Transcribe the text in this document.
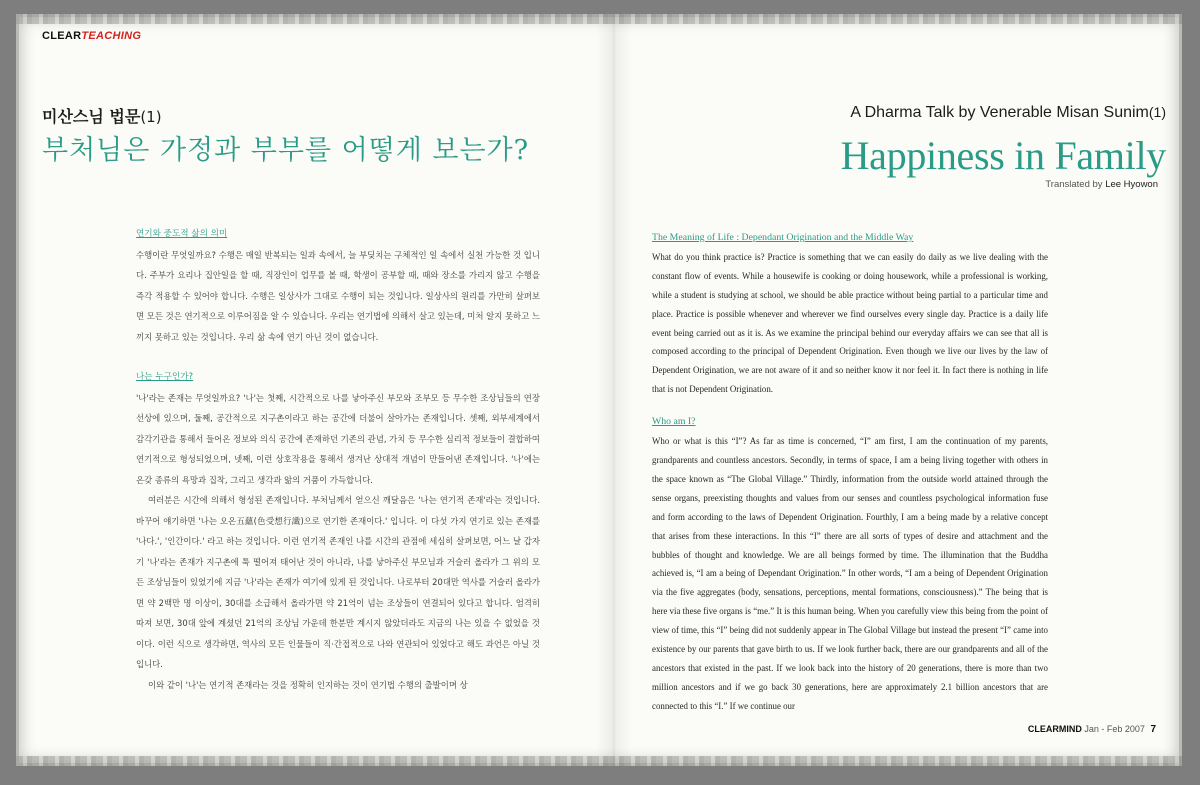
CLEARTEACHING
미산스님 법문(1)
부처님은 가정과 부부를 어떻게 보는가?
A Dharma Talk by Venerable Misan Sunim(1)
Happiness in Family
Translated by Lee Hyowon
연기와 중도적 삶의 의미

수행이란 무엇일까요? 수행은 매일 반복되는 일과 속에서, 늘 부딪치는 구체적인 일 속에서 실천 가능한 것 입니다. 주부가 요리나 집안일을 할 때, 직장인이 업무를 볼 때, 학생이 공부할 때, 때와 장소를 가리지 않고 수행을 즉각 적용할 수 있어야 합니다. 수행은 일상사가 그대로 수행이 되는 것입니다. 일상사의 원리를 가만히 살펴보면 모든 것은 연기적으로 이루어짐을 알 수 있습니다. 우리는 연기법에 의해서 살고 있는데, 미처 알지 못하고 느끼지 못하고 있는 것입니다. 우리 삶 속에 연기 아닌 것이 없습니다.

나는 누구인가?

'나'라는 존재는 무엇일까요? '나'는 첫째, 시간적으로 나를 낳아주신 부모와 조부모 등 무수한 조상님들의 연장선상에 있으며, 둘째, 공간적으로 지구촌이라고 하는 공간에 더불어 살아가는 존재입니다. 셋째, 외부세계에서 감각기관을 통해서 들어온 정보와 의식 공간에 존재하던 기존의 관념, 가치 등 무수한 심리적 정보들이 결합하여 연기적으로 형성되었으며, 넷째, 이런 상호작용을 통해서 생겨난 상대적 개념이 만들어낸 존재입니다. '나'에는 온갖 종류의 욕망과 집착, 그리고 생각과 앎의 거품이 가득합니다.

여러분은 시간에 의해서 형성된 존재입니다. 부처님께서 얻으신 깨달음은 '나는 연기적 존재'라는 것입니다. 바꾸어 얘기하면 '나는 오온五蘊(色受想行識)으로 연기한 존재이다.' 입니다. 이 다섯 가지 연기로 있는 존재를 '나다.', '인간이다.' 라고 하는 것입니다. 이런 연기적 존재인 나를 시간의 관점에 세심히 살펴보면, 어느 날 갑자기 '나'라는 존재가 지구촌에 툭 떨어져 태어난 것이 아니라, 나를 낳아주신 부모님과 거슬러 올라가 그 위의 모든 조상님들이 있었기에 지금 '나'라는 존재가 여기에 있게 된 것입니다. 나로부터 20대만 역사를 거슬러 올라가면 약 2백만 명 이상이, 30대를 소급해서 올라가면 약 21억이 넘는 조상들이 연결되어 있다고 합니다. 엄격히 따져 보면, 30대 앞에 계셨던 21억의 조상님 가운데 한분만 계시지 않았더라도 지금의 나는 있을 수 없었을 것이다. 이런 식으로 생각하면, 역사의 모든 인물들이 직·간접적으로 나와 연관되어 있었다고 해도 과언은 아닐 것입니다.

이와 같이 '나'는 연기적 존재라는 것을 정확히 인지하는 것이 연기법 수행의 출발이며 상

The Meaning of Life : Dependant Origination and the Middle Way

What do you think practice is? Practice is something that we can easily do daily as we live dealing with the constant flow of events. While a housewife is cooking or doing housework, while a professional is working, while a student is studying at school, we should be able practice without being partial to a particular time and place. Practice is possible whenever and wherever we find ourselves every single day. Practice is a daily life event being carried out as it is. As we examine the principal behind our everyday affairs we can see that all is composed according to the principal of Dependent Origination. Even though we live our lives by the law of Dependent Origination, we are not aware of it and so neither know it nor feel it. In fact there is nothing in life that is not Dependent Origination.

Who am I?

Who or what is this “I”? As far as time is concerned, “I” am first, I am the continuation of my parents, grandparents and countless ancestors. Secondly, in terms of space, I am a being living together with others in the space known as “The Global Village.” Thirdly, information from the outside world attained through the sense organs, preexisting thoughts and values from our senses and countless psychological information fuse and form according to the laws of Dependent Origination. Fourthly, I am a being made by a relative concept that arises from these interactions. In this “I” there are all sorts of types of desire and attachment and the bubbles of thought and knowledge. We are all beings formed by time. The illumination that the Buddha achieved is, “I am a being of Dependant Origination.” In other words, “I am a being of Dependent Origination via the five aggregates (body, sensations, perceptions, mental formations, consciousness).” The being that is here via these five organs is “me.” It is this human being. When you carefully view this being from the point of view of time, this “I” being did not suddenly appear in The Global Village but instead the present “I” came into existence by our parents that gave birth to us. If we look further back, there are our grandparents and all of the ancestors that existed in the past. If we look back into the history of 20 generations, there is more than two million ancestors and if we go back 30 generations, here are approximately 2.1 billion ancestors that are connected to this “I.” If we continue our

CLEARMIND Jan - Feb 2007 7
